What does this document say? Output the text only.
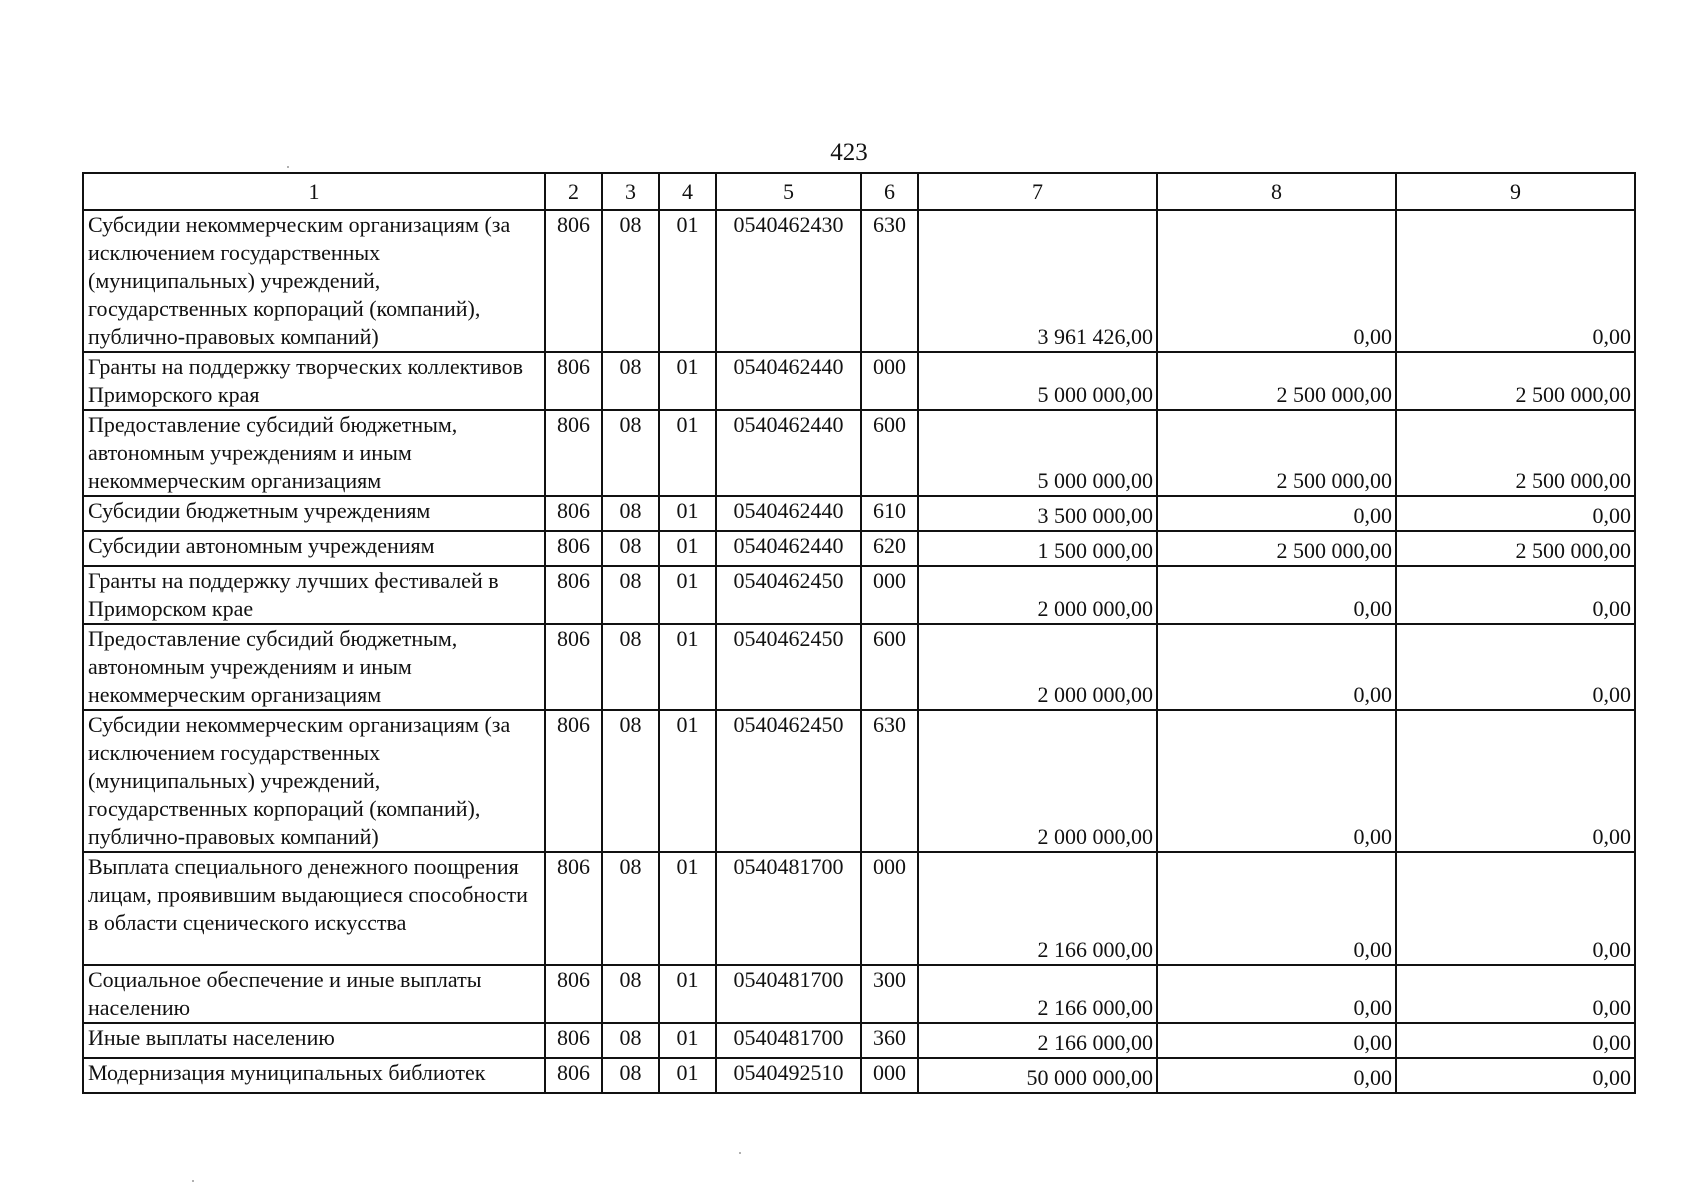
423
1	2	3	4	5	6	7	8	9
Субсидии некоммерческим организациям (за исключением государственных (муниципальных) учреждений, государственных корпораций (компаний), публично-правовых компаний)	806	08	01	0540462430	630	3 961 426,00	0,00	0,00
Гранты на поддержку творческих коллективов Приморского края	806	08	01	0540462440	000	5 000 000,00	2 500 000,00	2 500 000,00
Предоставление субсидий бюджетным, автономным учреждениям и иным некоммерческим организациям	806	08	01	0540462440	600	5 000 000,00	2 500 000,00	2 500 000,00
Субсидии бюджетным учреждениям	806	08	01	0540462440	610	3 500 000,00	0,00	0,00
Субсидии автономным учреждениям	806	08	01	0540462440	620	1 500 000,00	2 500 000,00	2 500 000,00
Гранты на поддержку лучших фестивалей в Приморском крае	806	08	01	0540462450	000	2 000 000,00	0,00	0,00
Предоставление субсидий бюджетным, автономным учреждениям и иным некоммерческим организациям	806	08	01	0540462450	600	2 000 000,00	0,00	0,00
Субсидии некоммерческим организациям (за исключением государственных (муниципальных) учреждений, государственных корпораций (компаний), публично-правовых компаний)	806	08	01	0540462450	630	2 000 000,00	0,00	0,00
Выплата специального денежного поощрения лицам, проявившим выдающиеся способности в области сценического искусства	806	08	01	0540481700	000	2 166 000,00	0,00	0,00
Социальное обеспечение и иные выплаты населению	806	08	01	0540481700	300	2 166 000,00	0,00	0,00
Иные выплаты населению	806	08	01	0540481700	360	2 166 000,00	0,00	0,00
Модернизация муниципальных библиотек	806	08	01	0540492510	000	50 000 000,00	0,00	0,00
